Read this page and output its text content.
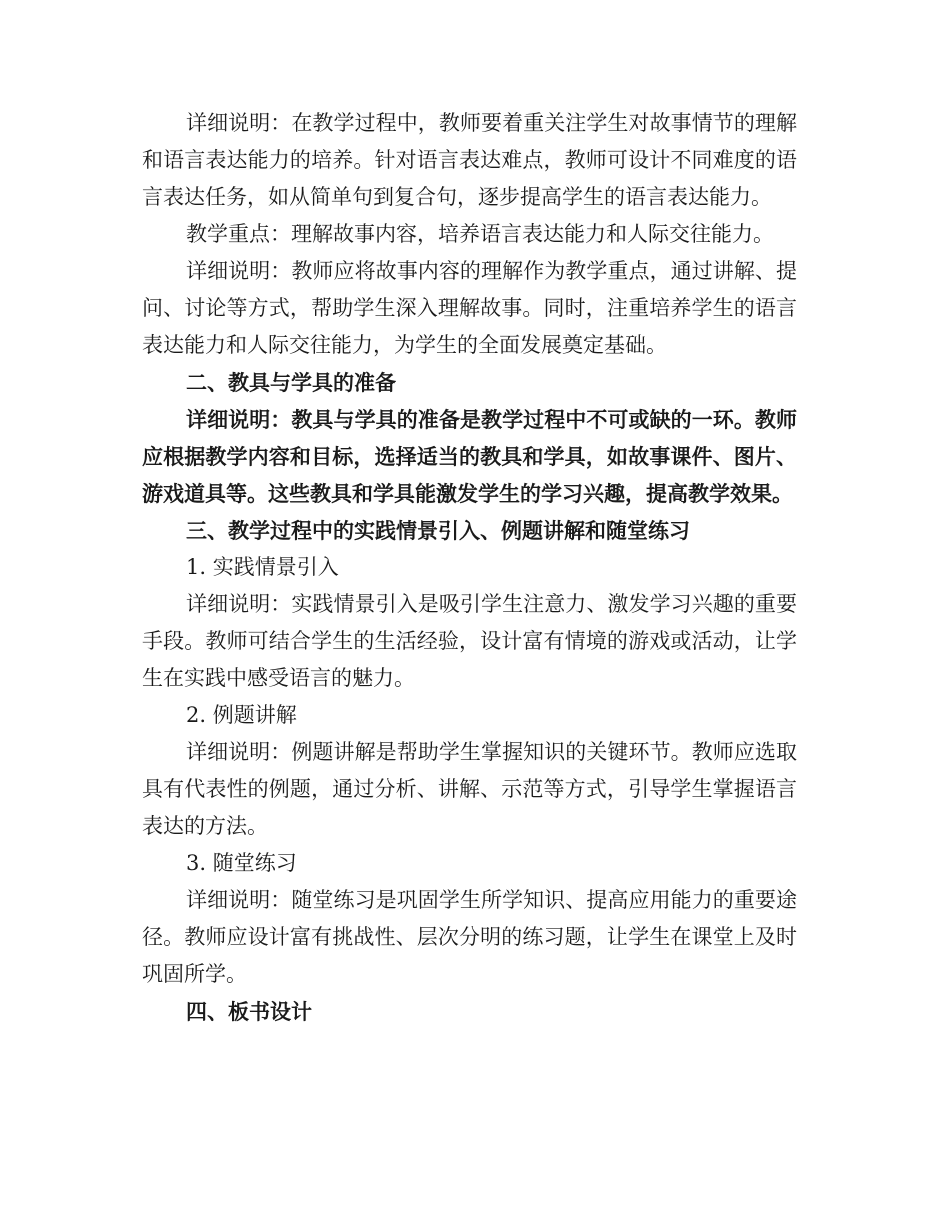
详细说明：在教学过程中，教师要着重关注学生对故事情节的理解和语言表达能力的培养。针对语言表达难点，教师可设计不同难度的语言表达任务，如从简单句到复合句，逐步提高学生的语言表达能力。

教学重点：理解故事内容，培养语言表达能力和人际交往能力。

详细说明：教师应将故事内容的理解作为教学重点，通过讲解、提问、讨论等方式，帮助学生深入理解故事。同时，注重培养学生的语言表达能力和人际交往能力，为学生的全面发展奠定基础。

二、教具与学具的准备

详细说明：教具与学具的准备是教学过程中不可或缺的一环。教师应根据教学内容和目标，选择适当的教具和学具，如故事课件、图片、游戏道具等。这些教具和学具能激发学生的学习兴趣，提高教学效果。

三、教学过程中的实践情景引入、例题讲解和随堂练习

1. 实践情景引入

详细说明：实践情景引入是吸引学生注意力、激发学习兴趣的重要手段。教师可结合学生的生活经验，设计富有情境的游戏或活动，让学生在实践中感受语言的魅力。

2. 例题讲解

详细说明：例题讲解是帮助学生掌握知识的关键环节。教师应选取具有代表性的例题，通过分析、讲解、示范等方式，引导学生掌握语言表达的方法。

3. 随堂练习

详细说明：随堂练习是巩固学生所学知识、提高应用能力的重要途径。教师应设计富有挑战性、层次分明的练习题，让学生在课堂上及时巩固所学。

四、板书设计
